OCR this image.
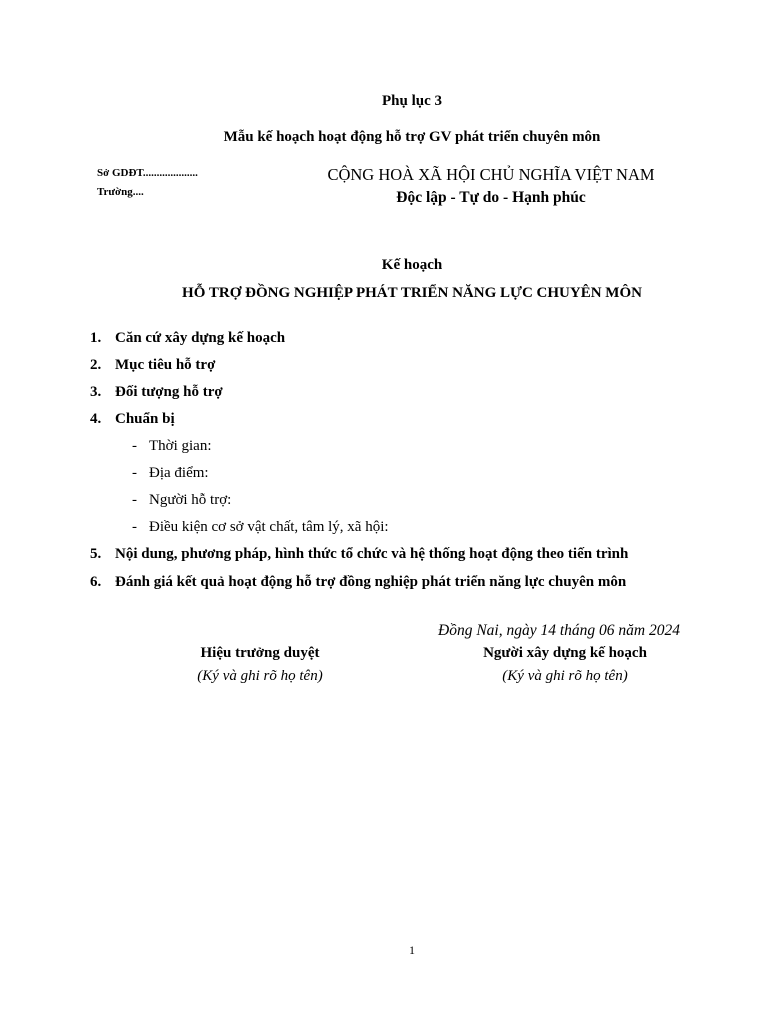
Phụ lục 3
Mẫu kế hoạch hoạt động hỗ trợ GV phát triển chuyên môn
Sở GDĐT....................
Trường....
CỘNG HOÀ XÃ HỘI CHỦ NGHĨA VIỆT NAM
Độc lập - Tự do - Hạnh phúc
Kế hoạch
HỖ TRỢ ĐỒNG NGHIỆP PHÁT TRIỂN NĂNG LỰC CHUYÊN MÔN
1. Căn cứ xây dựng kế hoạch
2. Mục tiêu hỗ trợ
3. Đối tượng hỗ trợ
4. Chuẩn bị
- Thời gian:
- Địa điểm:
- Người hỗ trợ:
- Điều kiện cơ sở vật chất, tâm lý, xã hội:
5. Nội dung, phương pháp, hình thức tổ chức và hệ thống hoạt động theo tiến trình
6. Đánh giá kết quả hoạt động hỗ trợ đồng nghiệp phát triển năng lực chuyên môn
Đồng Nai, ngày 14 tháng 06 năm 2024
Hiệu trưởng duyệt
(Ký và ghi rõ họ tên)
Người xây dựng kế hoạch
(Ký và ghi rõ họ tên)
1
